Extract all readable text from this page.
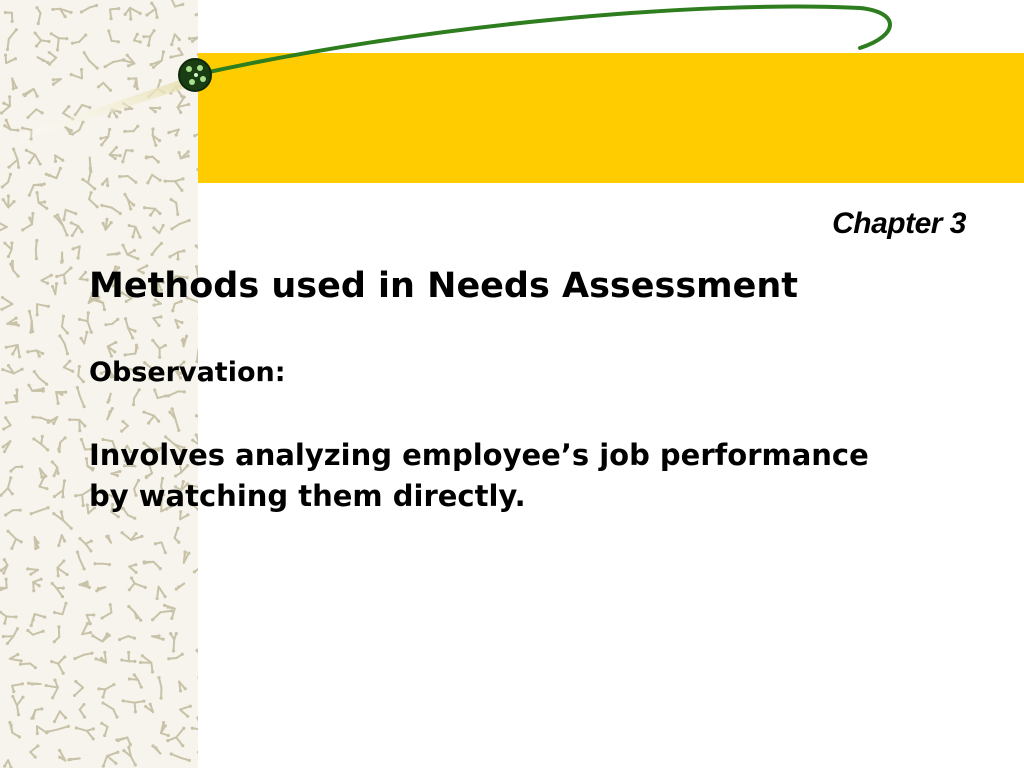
Chapter 3
Methods used in Needs Assessment
Observation:
Involves analyzing employee’s job performance
by watching them directly.
